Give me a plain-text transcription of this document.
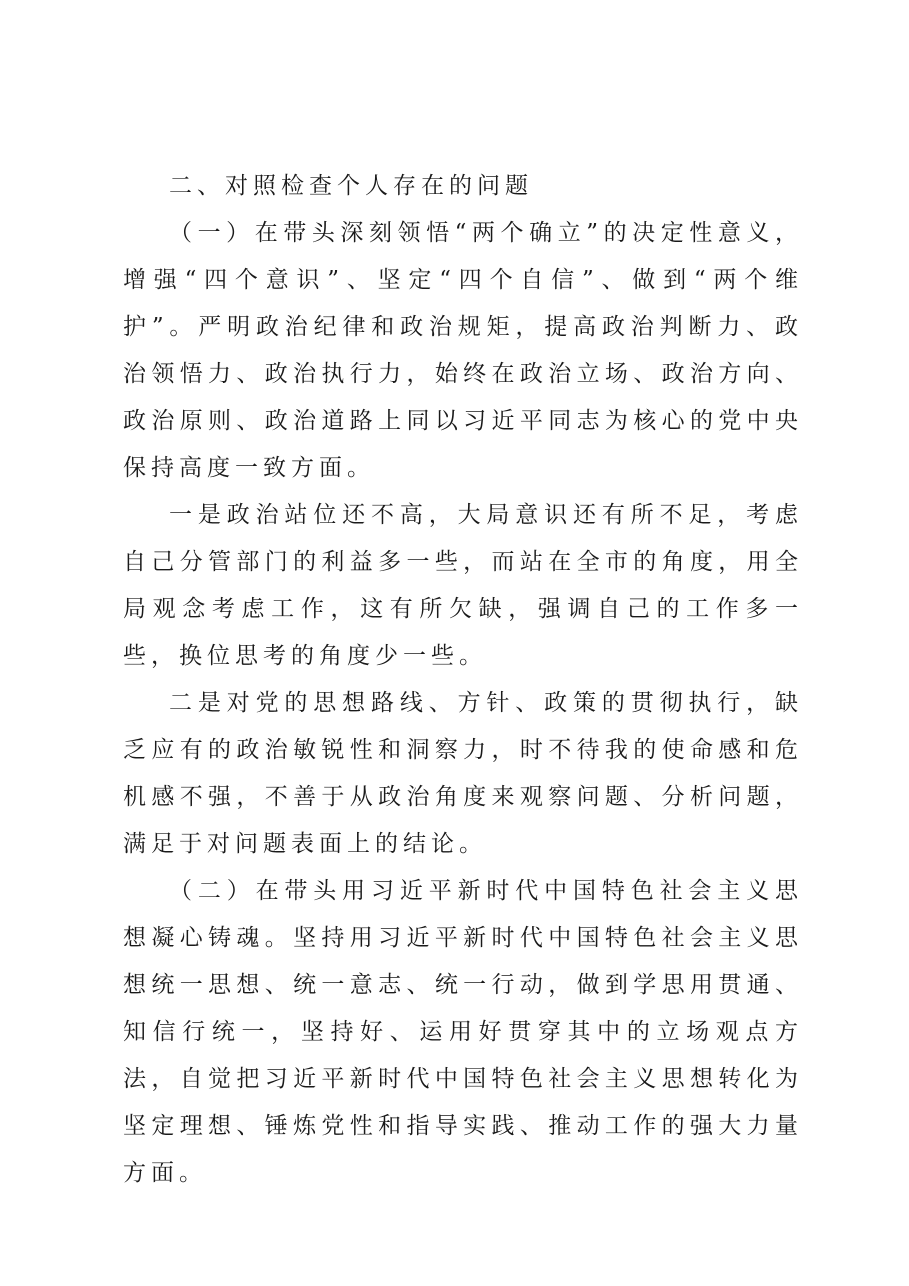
二、对照检查个人存在的问题

（一）在带头深刻领悟“两个确立”的决定性意义，增强“四个意识”、坚定“四个自信”、做到“两个维护”。严明政治纪律和政治规矩，提高政治判断力、政治领悟力、政治执行力，始终在政治立场、政治方向、政治原则、政治道路上同以习近平同志为核心的党中央保持高度一致方面。

一是政治站位还不高，大局意识还有所不足，考虑自己分管部门的利益多一些，而站在全市的角度，用全局观念考虑工作，这有所欠缺，强调自己的工作多一些，换位思考的角度少一些。

二是对党的思想路线、方针、政策的贯彻执行，缺乏应有的政治敏锐性和洞察力，时不待我的使命感和危机感不强，不善于从政治角度来观察问题、分析问题，满足于对问题表面上的结论。

（二）在带头用习近平新时代中国特色社会主义思想凝心铸魂。坚持用习近平新时代中国特色社会主义思想统一思想、统一意志、统一行动，做到学思用贯通、知信行统一，坚持好、运用好贯穿其中的立场观点方法，自觉把习近平新时代中国特色社会主义思想转化为坚定理想、锤炼党性和指导实践、推动工作的强大力量方面。
